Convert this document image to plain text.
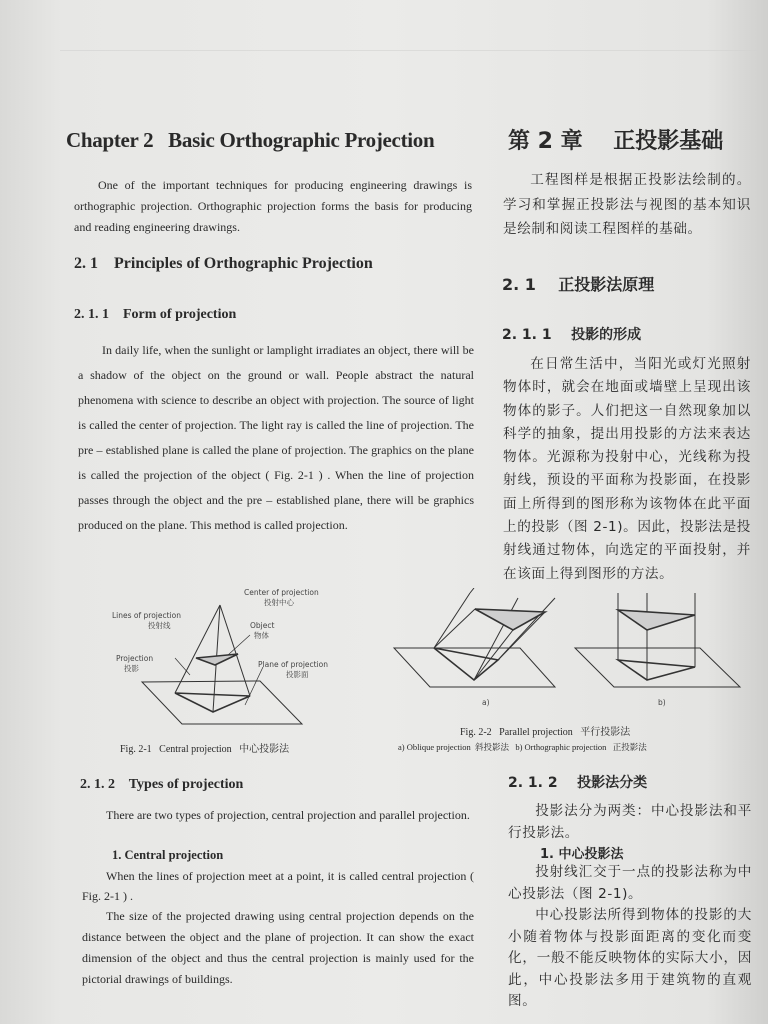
Chapter 2   Basic Orthographic Projection
One of the important techniques for producing engineering drawings is orthographic projection. Orthographic projection forms the basis for producing and reading engineering drawings.
2. 1    Principles of Orthographic Projection
2. 1. 1    Form of projection
In daily life, when the sunlight or lamplight irradiates an object, there will be a shadow of the object on the ground or wall. People abstract the natural phenomena with science to describe an object with projection. The source of light is called the center of projection. The light ray is called the line of projection. The pre – established plane is called the plane of projection. The graphics on the plane is called the projection of the object ( Fig. 2-1 ) . When the line of projection passes through the object and the pre – established plane, there will be graphics produced on the plane. This method is called projection.
2. 1. 2    Types of projection
There are two types of projection, central projection and parallel projection.
1. Central projection
When the lines of projection meet at a point, it is called central projection ( Fig. 2-1 ) .
The size of the projected drawing using central projection depends on the distance between the object and the plane of projection. It can show the exact dimension of the object and thus the central projection is mainly used for the pictorial drawings of buildings.
第 2 章    正投影基础
工程图样是根据正投影法绘制的。学习和掌握正投影法与视图的基本知识是绘制和阅读工程图样的基础。
2. 1    正投影法原理
2. 1. 1    投影的形成
在日常生活中，当阳光或灯光照射物体时，就会在地面或墙壁上呈现出该物体的影子。人们把这一自然现象加以科学的抽象，提出用投影的方法来表达物体。光源称为投射中心，光线称为投射线，预设的平面称为投影面，在投影面上所得到的图形称为该物体在此平面上的投影（图 2-1)。因此，投影法是投射线通过物体，向选定的平面投射，并在该面上得到图形的方法。
2. 1. 2    投影法分类
投影法分为两类：中心投影法和平行投影法。
1. 中心投影法
投射线汇交于一点的投影法称为中心投影法（图 2-1)。
中心投影法所得到物体的投影的大小随着物体与投影面距离的变化而变化，一般不能反映物体的实际大小，因此，中心投影法多用于建筑物的直观图。
Center of projection
投射中心
Lines of projection
投射线	Object
物体
Projection
投影	Plane of projection
投影面
Fig. 2-1   Central projection   中心投影法
a)	b)
Fig. 2-2   Parallel projection   平行投影法
a) Oblique projection  斜投影法   b) Orthographic projection   正投影法
